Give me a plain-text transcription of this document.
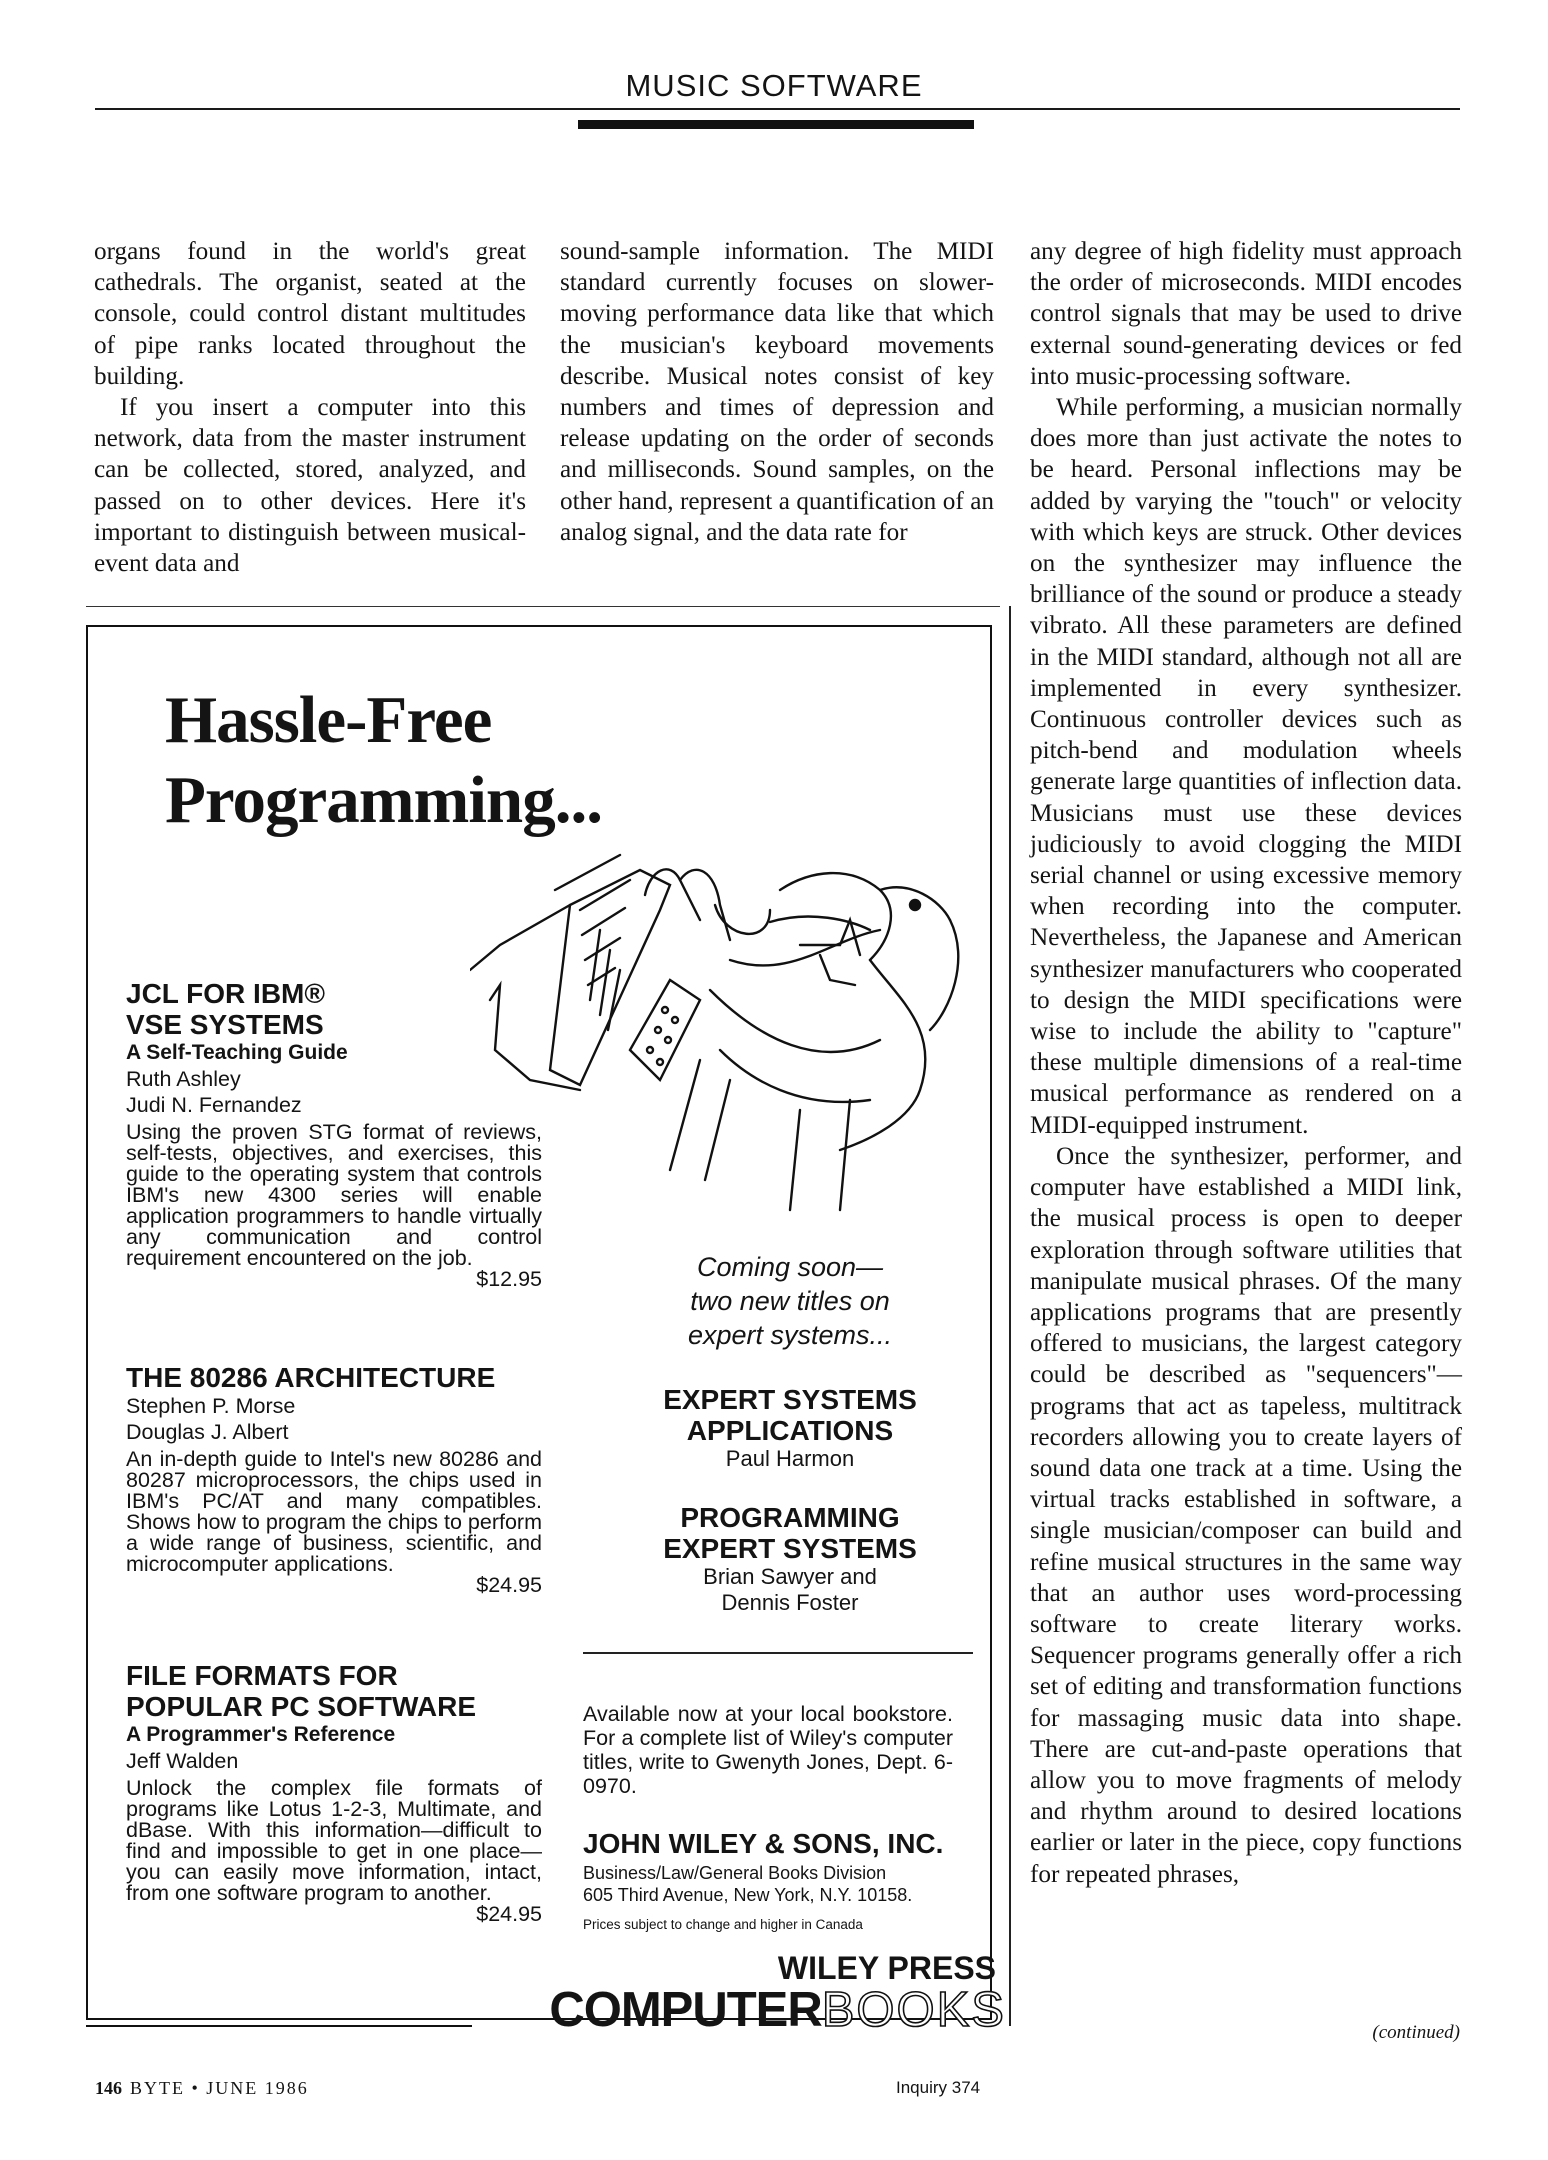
MUSIC SOFTWARE

organs found in the world's great cathedrals. The organist, seated at the console, could control distant multitudes of pipe ranks located throughout the building.

If you insert a computer into this network, data from the master instrument can be collected, stored, analyzed, and passed on to other devices. Here it's important to distinguish between musical-event data and

sound-sample information. The MIDI standard currently focuses on slower-moving performance data like that which the musician's keyboard movements describe. Musical notes consist of key numbers and times of depression and release updating on the order of seconds and milliseconds. Sound samples, on the other hand, represent a quantification of an analog signal, and the data rate for

any degree of high fidelity must approach the order of microseconds. MIDI encodes control signals that may be used to drive external sound-generating devices or fed into music-processing software.

While performing, a musician normally does more than just activate the notes to be heard. Personal inflections may be added by varying the "touch" or velocity with which keys are struck. Other devices on the synthesizer may influence the brilliance of the sound or produce a steady vibrato. All these parameters are defined in the MIDI standard, although not all are implemented in every synthesizer. Continuous controller devices such as pitch-bend and modulation wheels generate large quantities of inflection data. Musicians must use these devices judiciously to avoid clogging the MIDI serial channel or using excessive memory when recording into the computer. Nevertheless, the Japanese and American synthesizer manufacturers who cooperated to design the MIDI specifications were wise to include the ability to "capture" these multiple dimensions of a real-time musical performance as rendered on a MIDI-equipped instrument.

Once the synthesizer, performer, and computer have established a MIDI link, the musical process is open to deeper exploration through software utilities that manipulate musical phrases. Of the many applications programs that are presently offered to musicians, the largest category could be described as "sequencers"—programs that act as tapeless, multitrack recorders allowing you to create layers of sound data one track at a time. Using the virtual tracks established in software, a single musician/composer can build and refine musical structures in the same way that an author uses word-processing software to create literary works. Sequencer programs generally offer a rich set of editing and transformation functions for massaging music data into shape. There are cut-and-paste operations that allow you to move fragments of melody and rhythm around to desired locations earlier or later in the piece, copy functions for repeated phrases,

(continued)
Hassle-Free
Programming...
JCL FOR IBM®
VSE SYSTEMS
A Self-Teaching Guide
Ruth Ashley
Judi N. Fernandez
Using the proven STG format of reviews, self-tests, objectives, and exercises, this guide to the operating system that controls IBM's new 4300 series will enable application programmers to handle virtually any communication and control requirement encountered on the job.
$12.95
THE 80286 ARCHITECTURE
Stephen P. Morse
Douglas J. Albert
An in-depth guide to Intel's new 80286 and 80287 microprocessors, the chips used in IBM's PC/AT and many compatibles. Shows how to program the chips to perform a wide range of business, scientific, and microcomputer applications.
$24.95
FILE FORMATS FOR
POPULAR PC SOFTWARE
A Programmer's Reference
Jeff Walden
Unlock the complex file formats of programs like Lotus 1-2-3, Multimate, and dBase. With this information—difficult to find and impossible to get in one place—you can easily move information, intact, from one software program to another.
$24.95
Coming soon—
two new titles on
expert systems...
EXPERT SYSTEMS
APPLICATIONS
Paul Harmon
PROGRAMMING
EXPERT SYSTEMS
Brian Sawyer and
Dennis Foster
Available now at your local bookstore. For a complete list of Wiley's computer titles, write to Gwenyth Jones, Dept. 6-0970.
JOHN WILEY & SONS, INC.
Business/Law/General Books Division
605 Third Avenue, New York, N.Y. 10158.
Prices subject to change and higher in Canada
WILEY PRESS
COMPUTERBOOKS
146 BYTE • JUNE 1986	Inquiry 374
